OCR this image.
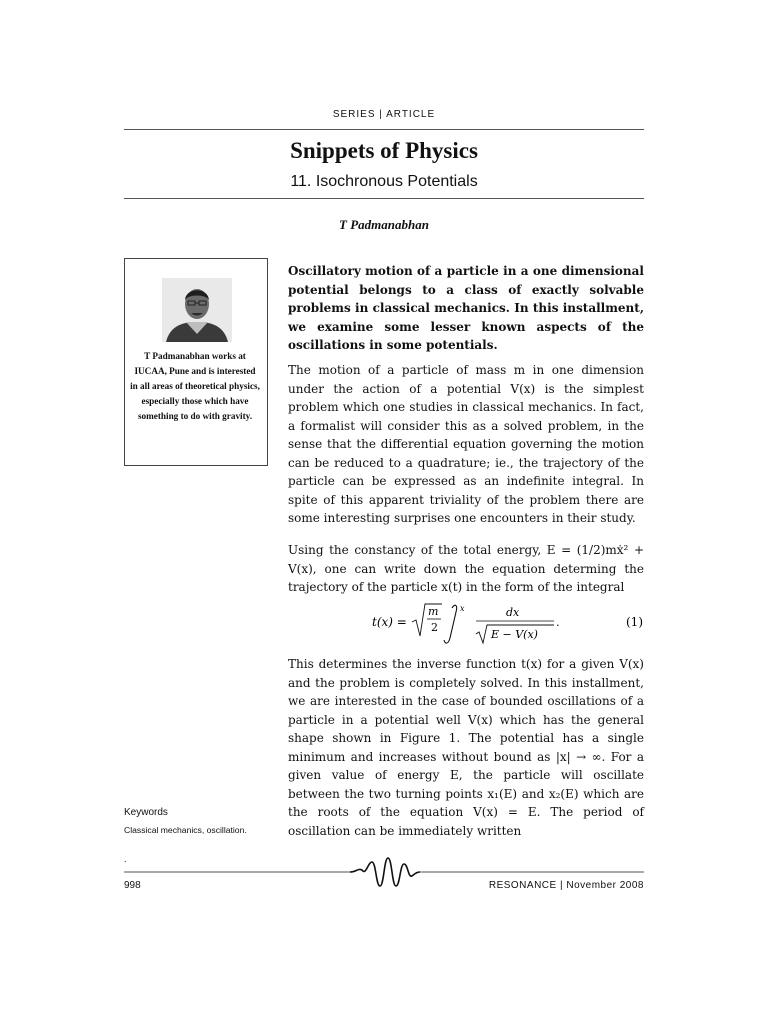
SERIES | ARTICLE
Snippets of Physics
11. Isochronous Potentials
T Padmanabhan
T Padmanabhan works at IUCAA, Pune and is interested in all areas of theoretical physics, especially those which have something to do with gravity.
Oscillatory motion of a particle in a one dimensional potential belongs to a class of exactly solvable problems in classical mechanics. In this installment, we examine some lesser known aspects of the oscillations in some potentials.
The motion of a particle of mass m in one dimension under the action of a potential V(x) is the simplest problem which one studies in classical mechanics. In fact, a formalist will consider this as a solved problem, in the sense that the differential equation governing the motion can be reduced to a quadrature; ie., the trajectory of the particle can be expressed as an indefinite integral. In spite of this apparent triviality of the problem there are some interesting surprises one encounters in their study.
Using the constancy of the total energy, E = (1/2)mẋ² + V(x), one can write down the equation determing the trajectory of the particle x(t) in the form of the integral
t(x) =
m
2
x	dx
E − V(x)
.	(1)
This determines the inverse function t(x) for a given V(x) and the problem is completely solved. In this installment, we are interested in the case of bounded oscillations of a particle in a potential well V(x) which has the general shape shown in Figure 1. The potential has a single minimum and increases without bound as |x| → ∞. For a given value of energy E, the particle will oscillate between the two turning points x₁(E) and x₂(E) which are the roots of the equation V(x) = E. The period of oscillation can be immediately written
Keywords
Classical mechanics, oscillation.
.
998	RESONANCE | November 2008
